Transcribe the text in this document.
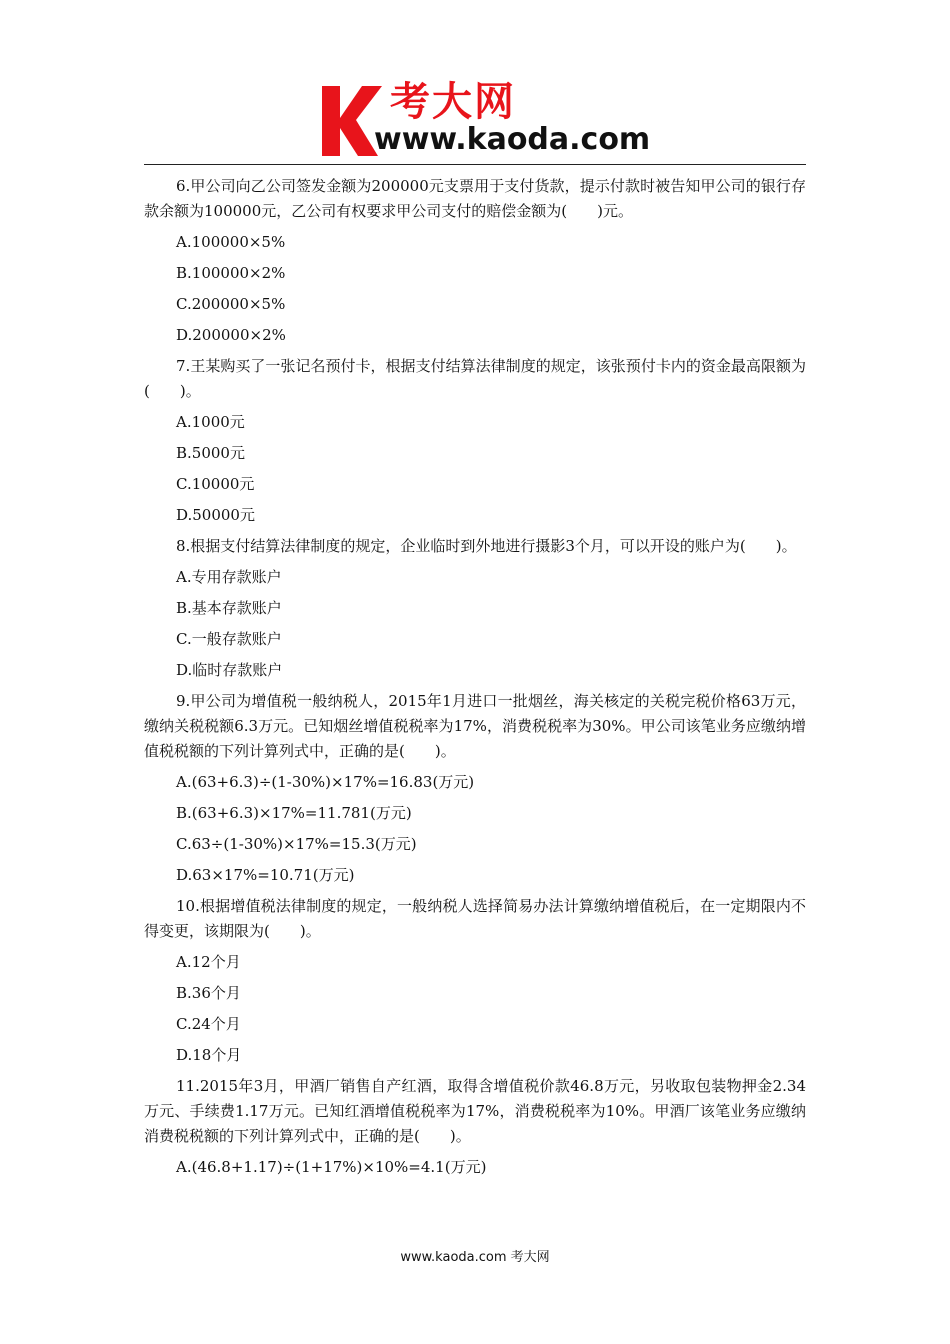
考大网
www.kaoda.com

6.甲公司向乙公司签发金额为200000元支票用于支付货款，提示付款时被告知甲公司的银行存款余额为100000元，乙公司有权要求甲公司支付的赔偿金额为(　　)元。

A.100000×5%
B.100000×2%
C.200000×5%
D.200000×2%

7.王某购买了一张记名预付卡，根据支付结算法律制度的规定，该张预付卡内的资金最高限额为(　　)。

A.1000元
B.5000元
C.10000元
D.50000元

8.根据支付结算法律制度的规定，企业临时到外地进行摄影3个月，可以开设的账户为(　　)。

A.专用存款账户
B.基本存款账户
C.一般存款账户
D.临时存款账户

9.甲公司为增值税一般纳税人，2015年1月进口一批烟丝，海关核定的关税完税价格63万元，缴纳关税税额6.3万元。已知烟丝增值税税率为17%，消费税税率为30%。甲公司该笔业务应缴纳增值税税额的下列计算列式中，正确的是(　　)。

A.(63+6.3)÷(1-30%)×17%=16.83(万元)
B.(63+6.3)×17%=11.781(万元)
C.63÷(1-30%)×17%=15.3(万元)
D.63×17%=10.71(万元)

10.根据增值税法律制度的规定，一般纳税人选择简易办法计算缴纳增值税后，在一定期限内不得变更，该期限为(　　)。

A.12个月
B.36个月
C.24个月
D.18个月

11.2015年3月，甲酒厂销售自产红酒，取得含增值税价款46.8万元，另收取包装物押金2.34万元、手续费1.17万元。已知红酒增值税税率为17%，消费税税率为10%。甲酒厂该笔业务应缴纳消费税税额的下列计算列式中，正确的是(　　)。

A.(46.8+1.17)÷(1+17%)×10%=4.1(万元)
www.kaoda.com 考大网
